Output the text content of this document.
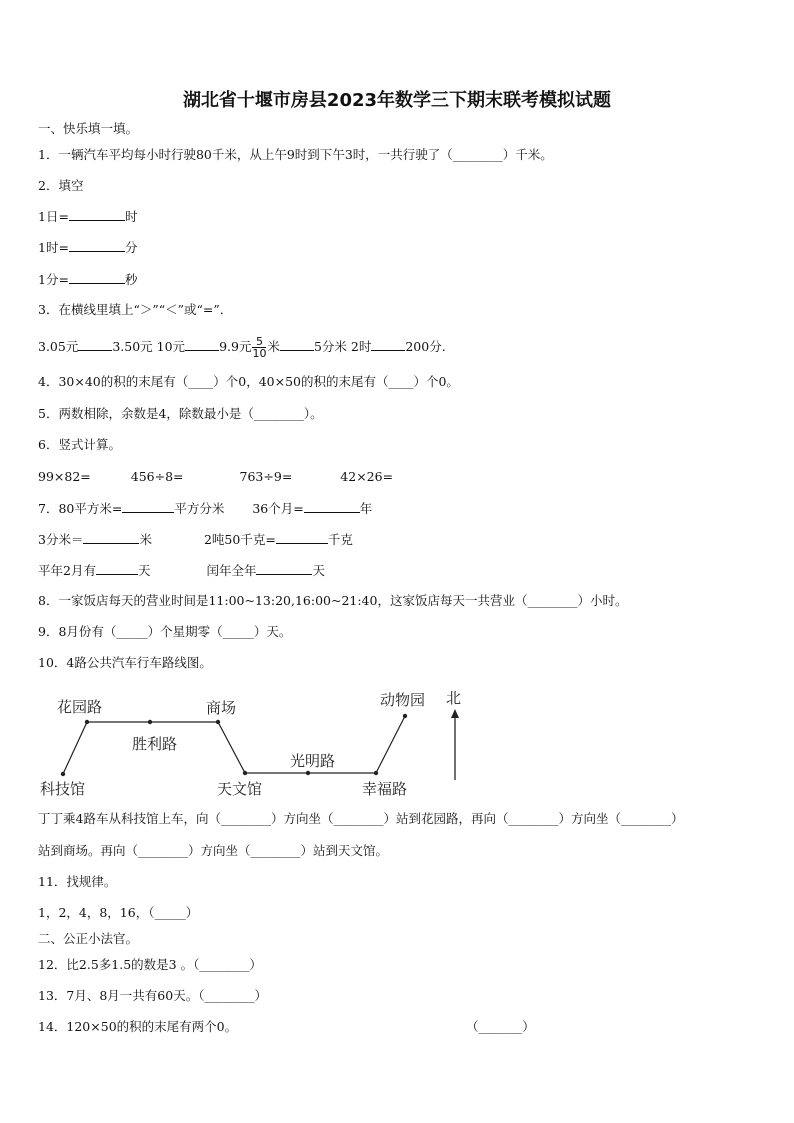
湖北省十堰市房县2023年数学三下期末联考模拟试题
一、快乐填一填。
1．一辆汽车平均每小时行驶80千米，从上午9时到下午3时，一共行驶了（________）千米。
2．填空
1日=	时
1时=	分
1分=	秒
3．在横线里填上“＞”“＜”或“=”．
3.05元	3.50元 10元	9.9元 $\frac{5}{10}$ 米	5分米 2时	200分.
4．30×40的积的末尾有（____）个0，40×50的积的末尾有（____）个0。
5．两数相除，余数是4，除数最小是（________）。
6．竖式计算。
99×82=	456÷8=	763÷9=	42×26=
7．80平方米=	平方分米 36个月=	年
3分米＝	米	2吨50千克=	千克
平年2月有	天	闰年全年	天
8．一家饭店每天的营业时间是11:00~13:20,16:00~21:40，这家饭店每天一共营业（________）小时。
9．8月份有（_____）个星期零（_____）天。
10．4路公共汽车行车路线图。
花园路	商场	动物园
胜利路
光明路
科技馆	天文馆	幸福路
北
丁丁乘4路车从科技馆上车，向（________）方向坐（________）站到花园路，再向（________）方向坐（________）
站到商场。再向（________）方向坐（________）站到天文馆。
11．找规律。
1，2，4，8，16，（_____）
二、公正小法官。
12．比2.5多1.5的数是3 。（________）
13．7月、8月一共有60天。（________）
14．120×50的积的末尾有两个0。	（_______）
